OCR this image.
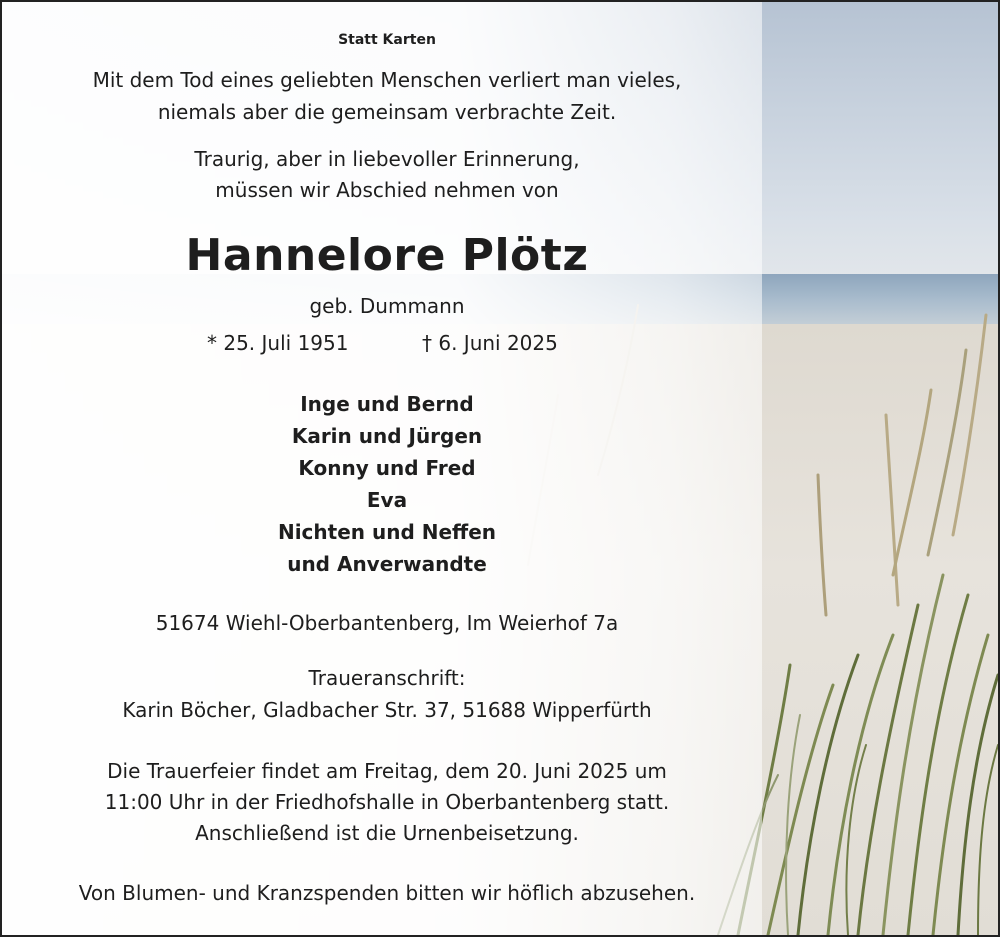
Statt Karten
Mit dem Tod eines geliebten Menschen verliert man vieles,
niemals aber die gemeinsam verbrachte Zeit.
Traurig, aber in liebevoller Erinnerung,
müssen wir Abschied nehmen von
Hannelore Plötz
geb. Dummann
* 25. Juli 1951	† 6. Juni 2025
Inge und Bernd
Karin und Jürgen
Konny und Fred
Eva
Nichten und Neffen
und Anverwandte
51674 Wiehl-Oberbantenberg, Im Weierhof 7a
Traueranschrift:
Karin Böcher, Gladbacher Str. 37, 51688 Wipperfürth
Die Trauerfeier findet am Freitag, dem 20. Juni 2025 um
11:00 Uhr in der Friedhofshalle in Oberbantenberg statt.
Anschließend ist die Urnenbeisetzung.
Von Blumen- und Kranzspenden bitten wir höflich abzusehen.
